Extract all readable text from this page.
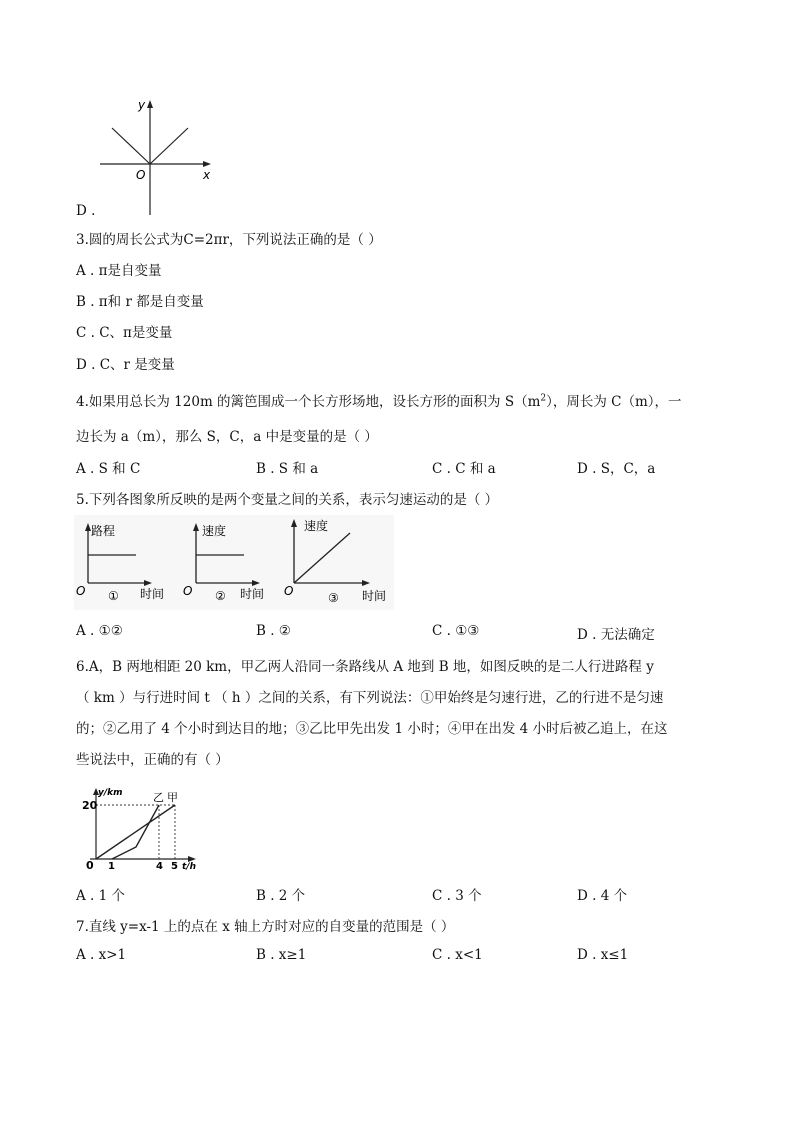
y
x
O
D .
3.圆的周长公式为C=2πr，下列说法正确的是（ ）
A . π是自变量
B . π和 r 都是自变量
C . C、π是变量
D . C、r 是变量
4.如果用总长为 120m 的篱笆围成一个长方形场地，设长方形的面积为 $S(m^2)$，周长为 C（m），一
边长为 a（m），那么 S，C，a 中是变量的是（ ）
A . S 和 C	B . S 和 a	C . C 和 a	D . S，C，a
5.下列各图象所反映的是两个变量之间的关系，表示匀速运动的是（ ）
路程
O ① 时间
速度
O ② 时间
速度
O	③ 时间
A . ①②	B . ②	C . ①③	D . 无法确定
6.A，B 两地相距 20 km，甲乙两人沿同一条路线从 A 地到 B 地，如图反映的是二人行进路程 y
（ km ）与行进时间 t （ h ）之间的关系，有下列说法：①甲始终是匀速行进，乙的行进不是匀速
的；②乙用了 4 个小时到达目的地；③乙比甲先出发 1 小时；④甲在出发 4 小时后被乙追上，在这
些说法中，正确的有（ ）
y/km
20
乙 甲
0 1	4 5 t/h
A . 1 个	B . 2 个	C . 3 个	D . 4 个
7.直线 y=x-1 上的点在 x 轴上方时对应的自变量的范围是（ ）
A . x>1	B . x≥1	C . x<1	D . x≤1
